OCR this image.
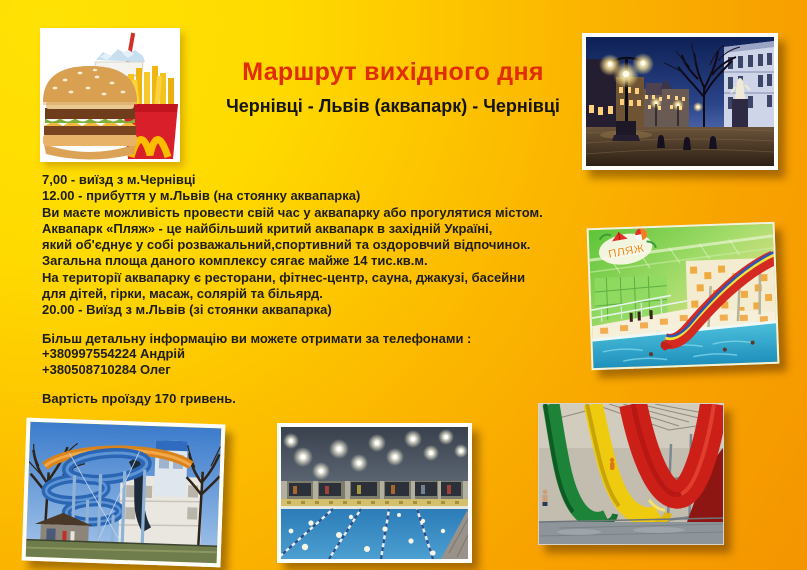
Маршрут вихідного дня
Чернівці - Львів (аквапарк) - Чернівці
7,00 - виїзд з м.Чернівці
12.00 - прибуття у м.Львів (на стоянку аквапарка)
Ви маєте можливість провести свій час у аквапарку або прогулятися містом.
Аквапарк «Пляж» - це найбільший критий аквапарк в західній Україні,
який об'єднує у собі розважальний,спортивний та оздоровчий відпочинок.
Загальна площа даного комплексу сягає майже 14 тис.кв.м.
На території аквапарку є ресторани, фітнес-центр, сауна, джакузі, басейни
для дітей, гірки, масаж, солярій та більярд.
20.00 - Виїзд з м.Львів (зі стоянки аквапарка)
Більш детальну інформацію ви можете отримати за телефонами :
+380997554224 Андрій
+380508710284 Олег
Вартість проїзду 170 гривень.
ПЛЯЖ
